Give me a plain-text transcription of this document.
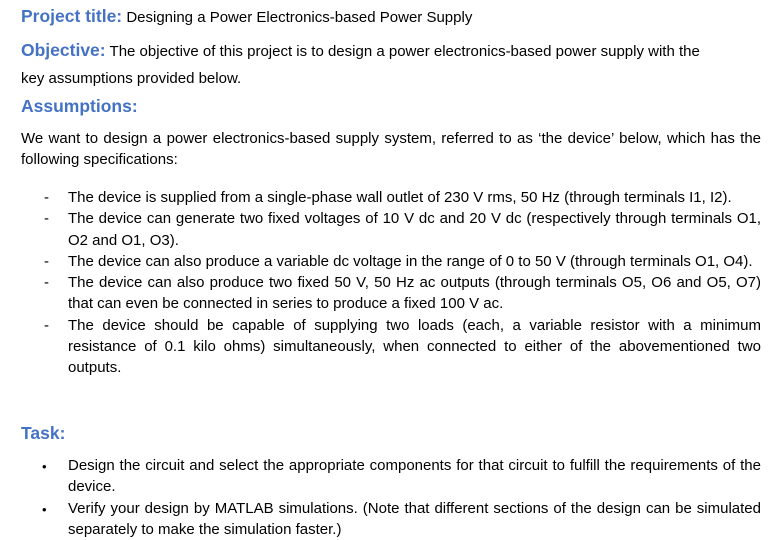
Project title: Designing a Power Electronics-based Power Supply
Objective: The objective of this project is to design a power electronics-based power supply with the
key assumptions provided below.
Assumptions:
We want to design a power electronics-based supply system, referred to as ‘the device’ below, which has the following specifications:
- The device is supplied from a single-phase wall outlet of 230 V rms, 50 Hz (through terminals I1, I2).
- The device can generate two fixed voltages of 10 V dc and 20 V dc (respectively through terminals O1, O2 and O1, O3).
- The device can also produce a variable dc voltage in the range of 0 to 50 V (through terminals O1, O4).
- The device can also produce two fixed 50 V, 50 Hz ac outputs (through terminals O5, O6 and O5, O7) that can even be connected in series to produce a fixed 100 V ac.
- The device should be capable of supplying two loads (each, a variable resistor with a minimum resistance of 0.1 kilo ohms) simultaneously, when connected to either of the abovementioned two outputs.
Task:
• Design the circuit and select the appropriate components for that circuit to fulfill the requirements of the device.
• Verify your design by MATLAB simulations. (Note that different sections of the design can be simulated separately to make the simulation faster.)
